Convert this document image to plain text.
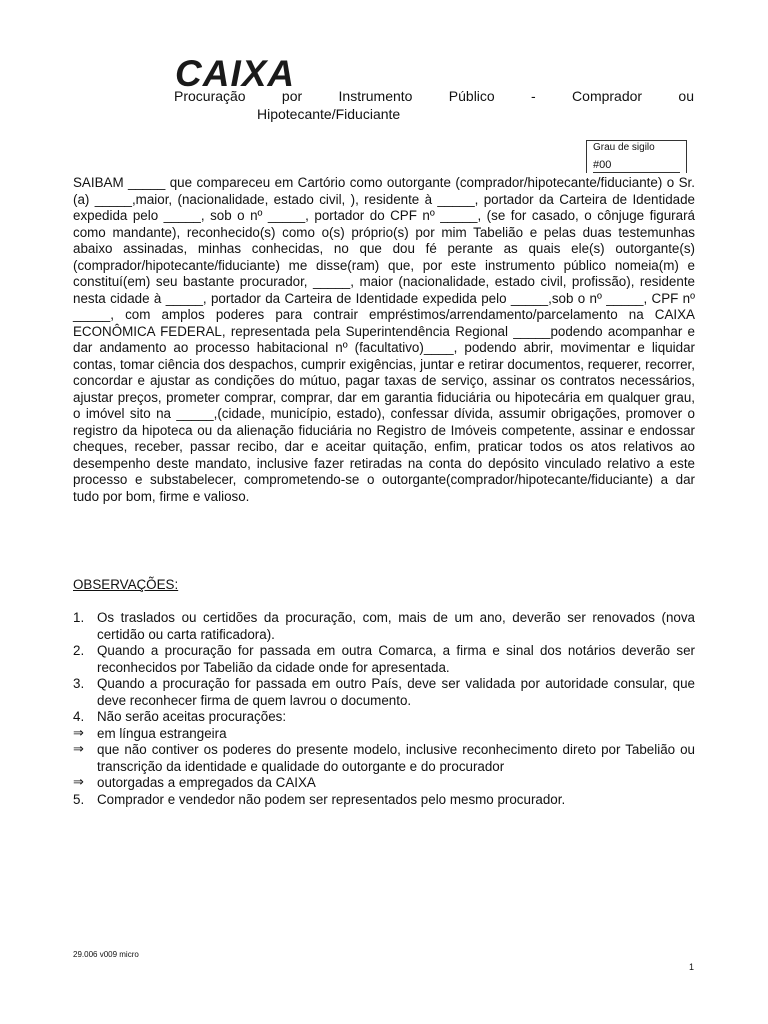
CAIXA
Procuração por Instrumento Público - Comprador ou
Hipotecante/Fiduciante
Grau de sigilo
#00

SAIBAM _____ que compareceu em Cartório como outorgante (comprador/hipotecante/fiduciante) o Sr.(a) _____,maior, (nacionalidade, estado civil, ), residente à _____, portador da Carteira de Identidade expedida pelo _____, sob o nº _____, portador do CPF nº _____, (se for casado, o cônjuge figurará como mandante), reconhecido(s) como o(s) próprio(s) por mim Tabelião e pelas duas testemunhas abaixo assinadas, minhas conhecidas, no que dou fé perante as quais ele(s) outorgante(s) (comprador/hipotecante/fiduciante) me disse(ram) que, por este instrumento público nomeia(m) e constituí(em) seu bastante procurador, _____, maior (nacionalidade, estado civil, profissão), residente nesta cidade à _____, portador da Carteira de Identidade expedida pelo _____,sob o nº _____, CPF nº _____, com amplos poderes para contrair empréstimos/arrendamento/parcelamento na CAIXA ECONÔMICA FEDERAL, representada pela Superintendência Regional _____podendo acompanhar e dar andamento ao processo habitacional nº (facultativo)____, podendo abrir, movimentar e liquidar contas, tomar ciência dos despachos, cumprir exigências, juntar e retirar documentos, requerer, recorrer, concordar e ajustar as condições do mútuo, pagar taxas de serviço, assinar os contratos necessários, ajustar preços, prometer comprar, comprar, dar em garantia fiduciária ou hipotecária em qualquer grau, o imóvel sito na _____,(cidade, município, estado), confessar dívida, assumir obrigações, promover o registro da hipoteca ou da alienação fiduciária no Registro de Imóveis competente, assinar e endossar cheques, receber, passar recibo, dar e aceitar quitação, enfim, praticar todos os atos relativos ao desempenho deste mandato, inclusive fazer retiradas na conta do depósito vinculado relativo a este processo e substabelecer, comprometendo-se o outorgante(comprador/hipotecante/fiduciante) a dar tudo por bom, firme e valioso.

OBSERVAÇÕES:
1. Os traslados ou certidões da procuração, com, mais de um ano, deverão ser renovados (nova certidão ou carta ratificadora).
2. Quando a procuração for passada em outra Comarca, a firma e sinal dos notários deverão ser reconhecidos por Tabelião da cidade onde for apresentada.
3. Quando a procuração for passada em outro País, deve ser validada por autoridade consular, que deve reconhecer firma de quem lavrou o documento.
4. Não serão aceitas procurações:
⇒ em língua estrangeira
⇒ que não contiver os poderes do presente modelo, inclusive reconhecimento direto por Tabelião ou transcrição da identidade e qualidade do outorgante e do procurador
⇒ outorgadas a empregados da CAIXA
5. Comprador e vendedor não podem ser representados pelo mesmo procurador.
29.006 v009 micro
1
